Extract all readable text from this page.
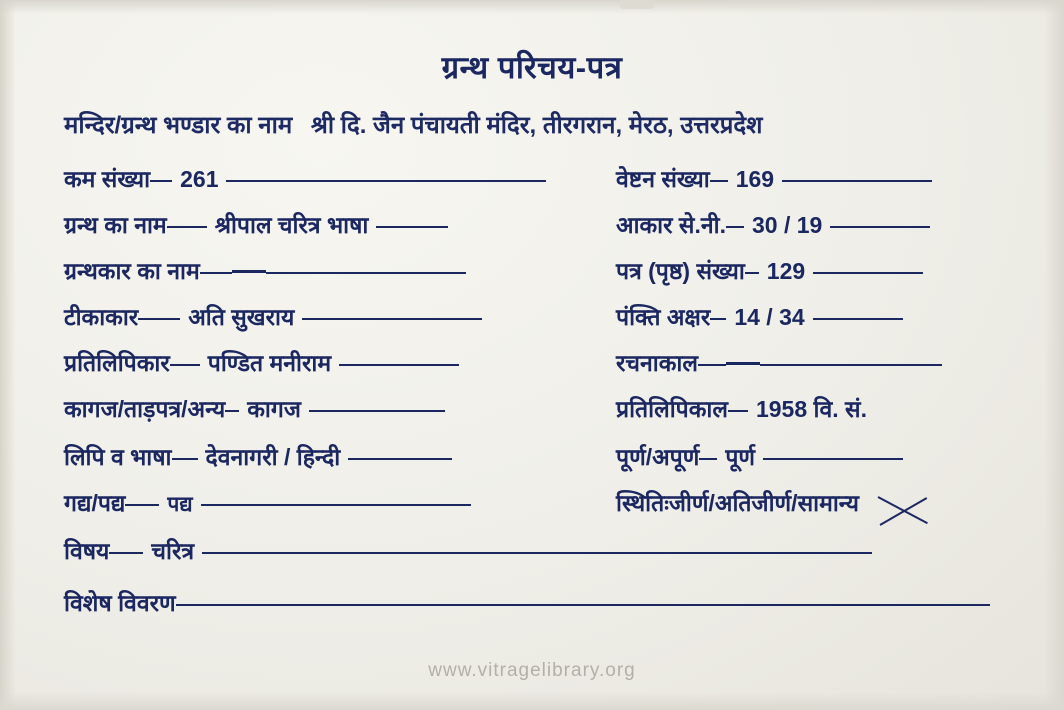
ग्रन्थ परिचय-पत्र
मन्दिर/ग्रन्थ भण्डार का नाम श्री दि. जैन पंचायती मंदिर, तीरगरान, मेरठ, उत्तरप्रदेश
कम संख्या	261
ग्रन्थ का नाम	श्रीपाल चरित्र भाषा
ग्रन्थकार का नाम
टीकाकार	अति सुखराय
प्रतिलिपिकार	पण्डित मनीराम
कागज/ताड़पत्र/अन्य कागज
लिपि व भाषा	देवनागरी / हिन्दी
गद्य/पद्य	पद्य
विषय	चरित्र
विशेष विवरण
वेष्टन संख्या	169
आकार से.नी.	30 / 19
पत्र (पृष्ठ) संख्या 129
पंक्ति अक्षर	14 / 34
रचनाकाल
प्रतिलिपिकाल	1958 वि. सं.
पूर्ण/अपूर्ण	पूर्ण
स्थितिःजीर्ण/अतिजीर्ण/सामान्य
www.vitragelibrary.org
